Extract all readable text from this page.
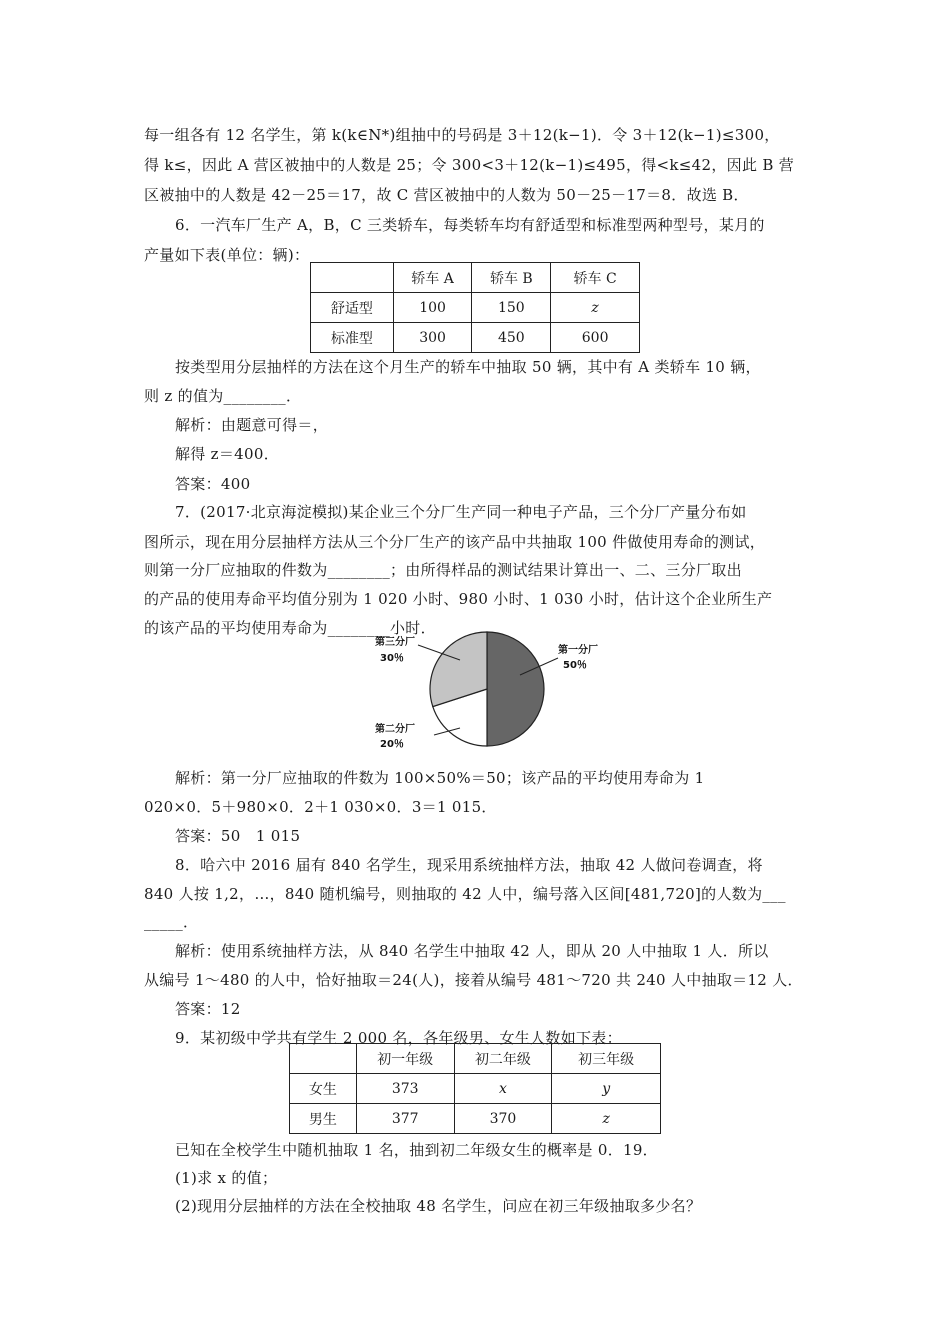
每一组各有 12 名学生，第 k(k∈N*)组抽中的号码是 3＋12(k−1)．令 3＋12(k−1)≤300，
得 k≤，因此 A 营区被抽中的人数是 25；令 300<3＋12(k−1)≤495，得<k≤42，因此 B 营
区被抽中的人数是 42－25＝17，故 C 营区被抽中的人数为 50－25－17＝8．故选 B．
6．一汽车厂生产 A，B，C 三类轿车，每类轿车均有舒适型和标准型两种型号，某月的
产量如下表(单位：辆)：
	轿车 A	轿车 B	轿车 C
舒适型	100	150	z
标准型	300	450	600
按类型用分层抽样的方法在这个月生产的轿车中抽取 50 辆，其中有 A 类轿车 10 辆，
则 z 的值为________．
解析：由题意可得＝，
解得 z＝400．
答案：400
7．(2017·北京海淀模拟)某企业三个分厂生产同一种电子产品，三个分厂产量分布如
图所示，现在用分层抽样方法从三个分厂生产的该产品中共抽取 100 件做使用寿命的测试，
则第一分厂应抽取的件数为________；由所得样品的测试结果计算出一、二、三分厂取出
的产品的使用寿命平均值分别为 1 020 小时、980 小时、1 030 小时，估计这个企业所生产
的该产品的平均使用寿命为________小时．
第一分厂
50％
第二分厂
20％
第三分厂
30％
解析：第一分厂应抽取的件数为 100×50%＝50；该产品的平均使用寿命为 1
020×0．5＋980×0．2＋1 030×0．3＝1 015．
答案：50　1 015
8．哈六中 2016 届有 840 名学生，现采用系统抽样方法，抽取 42 人做问卷调查，将
840 人按 1,2，…，840 随机编号，则抽取的 42 人中，编号落入区间[481,720]的人数为___
_____．
解析：使用系统抽样方法，从 840 名学生中抽取 42 人，即从 20 人中抽取 1 人．所以
从编号 1～480 的人中，恰好抽取＝24(人)，接着从编号 481～720 共 240 人中抽取＝12 人．
答案：12
9．某初级中学共有学生 2 000 名，各年级男、女生人数如下表：
	初一年级	初二年级	初三年级
女生	373	x	y
男生	377	370	z
已知在全校学生中随机抽取 1 名，抽到初二年级女生的概率是 0．19．
(1)求 x 的值；
(2)现用分层抽样的方法在全校抽取 48 名学生，问应在初三年级抽取多少名？
